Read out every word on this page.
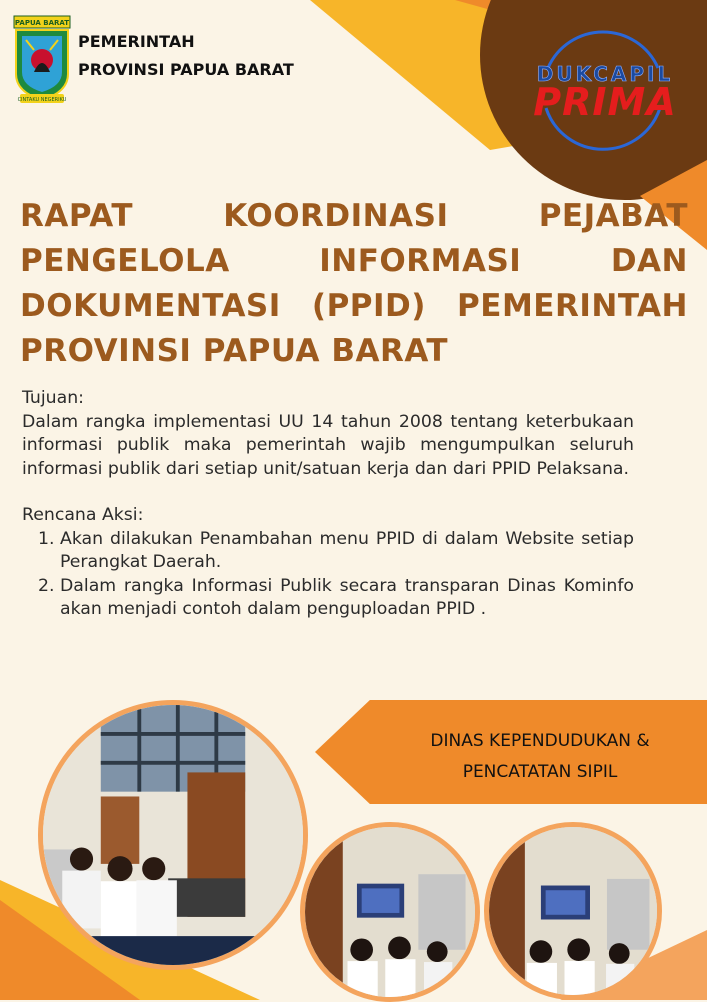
PAPUA BARAT
CINTAKU NEGERIKU
PEMERINTAH
PROVINSI PAPUA BARAT	DUKCAPIL
PRIMA
RAPAT KOORDINASI PEJABAT
PENGELOLA INFORMASI DAN
DOKUMENTASI (PPID) PEMERINTAH
PROVINSI PAPUA BARAT

Tujuan:

Dalam rangka implementasi UU 14 tahun 2008 tentang keterbukaan informasi publik maka pemerintah wajib mengumpulkan seluruh informasi publik dari setiap unit/satuan kerja dan dari PPID Pelaksana.

Rencana Aksi:

1. Akan dilakukan Penambahan menu PPID di dalam Website setiap Perangkat Daerah.
2. Dalam rangka Informasi Publik secara transparan Dinas Kominfo akan menjadi contoh dalam penguploadan PPID .
DINAS KEPENDUDUKAN &
PENCATATAN SIPIL
